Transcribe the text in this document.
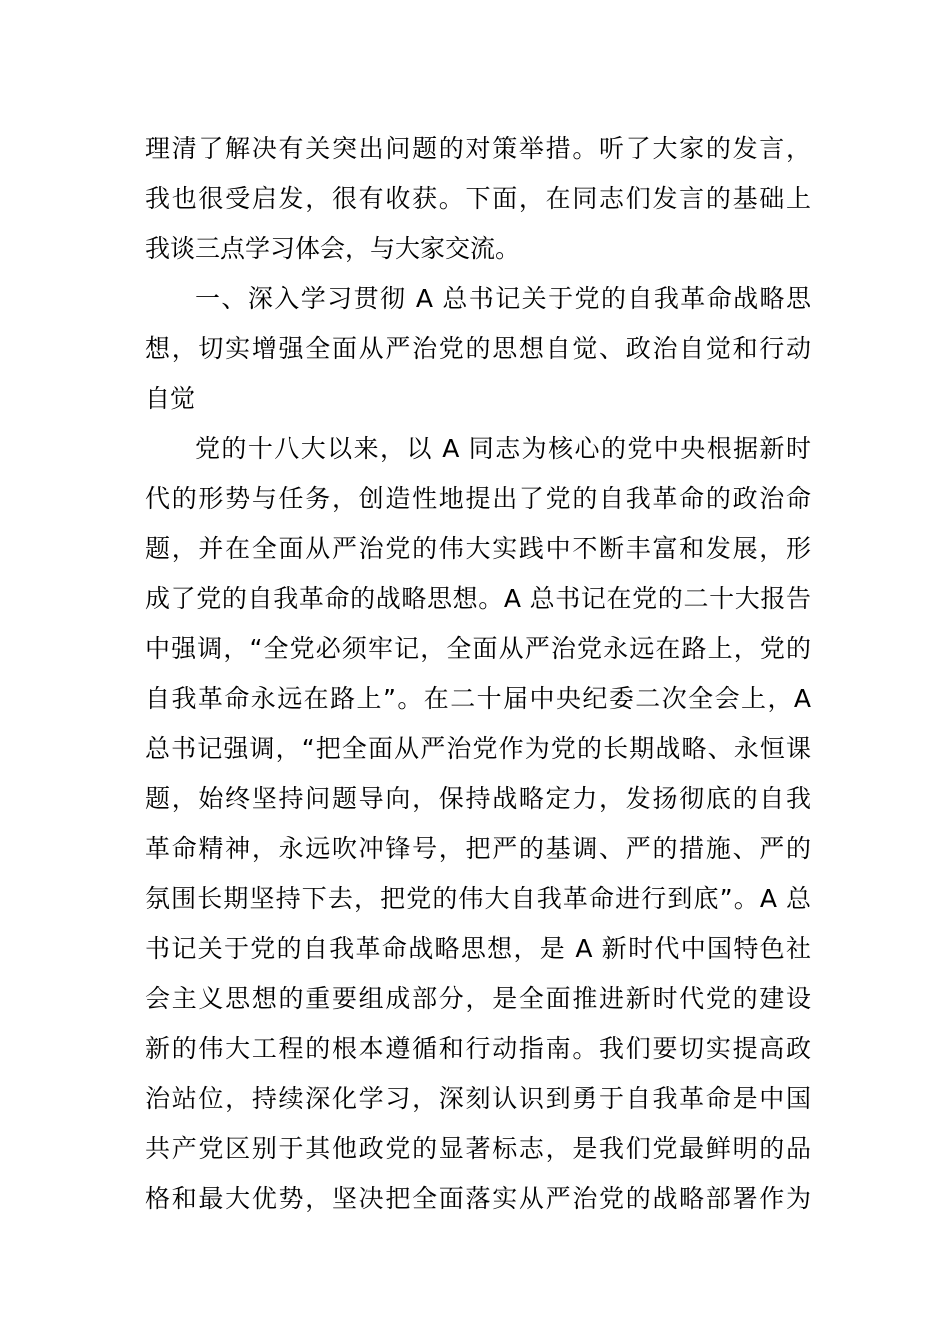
理清了解决有关突出问题的对策举措。听了大家的发言，
我也很受启发，很有收获。下面，在同志们发言的基础上
我谈三点学习体会，与大家交流。
一、深入学习贯彻 A 总书记关于党的自我革命战略思
想，切实增强全面从严治党的思想自觉、政治自觉和行动
自觉
党的十八大以来，以 A 同志为核心的党中央根据新时
代的形势与任务，创造性地提出了党的自我革命的政治命
题，并在全面从严治党的伟大实践中不断丰富和发展，形
成了党的自我革命的战略思想。A 总书记在党的二十大报告
中强调，“全党必须牢记，全面从严治党永远在路上，党的
自我革命永远在路上”。在二十届中央纪委二次全会上，A
总书记强调，“把全面从严治党作为党的长期战略、永恒课
题，始终坚持问题导向，保持战略定力，发扬彻底的自我
革命精神，永远吹冲锋号，把严的基调、严的措施、严的
氛围长期坚持下去，把党的伟大自我革命进行到底”。A 总
书记关于党的自我革命战略思想，是 A 新时代中国特色社
会主义思想的重要组成部分，是全面推进新时代党的建设
新的伟大工程的根本遵循和行动指南。我们要切实提高政
治站位，持续深化学习，深刻认识到勇于自我革命是中国
共产党区别于其他政党的显著标志，是我们党最鲜明的品
格和最大优势，坚决把全面落实从严治党的战略部署作为
